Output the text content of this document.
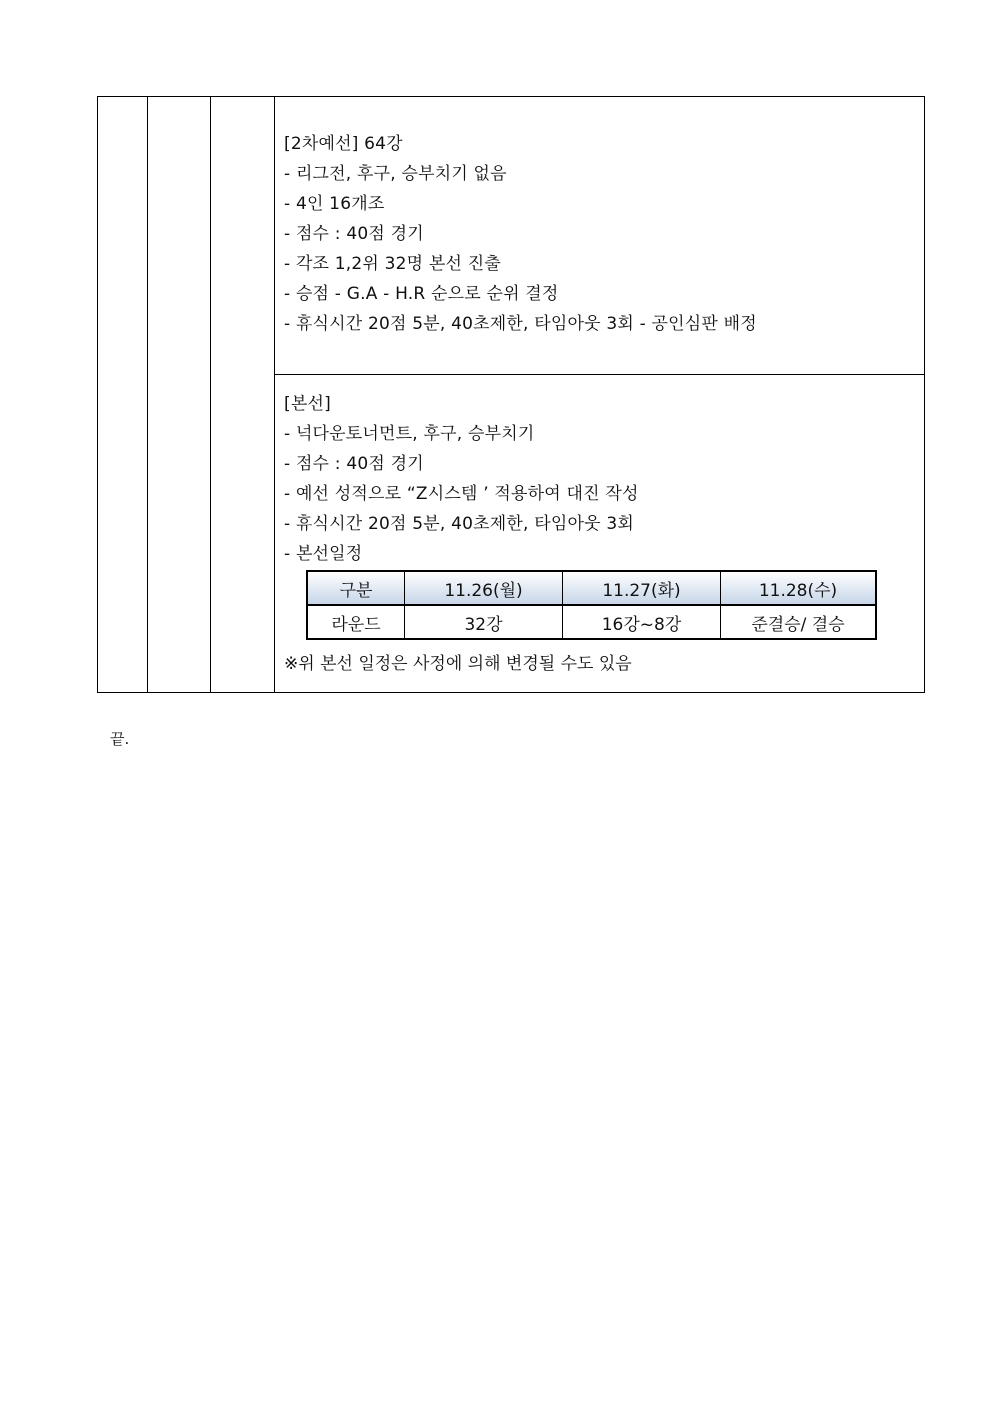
[2차예선] 64강
- 리그전, 후구, 승부치기 없음
- 4인 16개조
- 점수 : 40점 경기
- 각조 1,2위 32명 본선 진출
- 승점 - G.A - H.R 순으로 순위 결정
- 휴식시간 20점 5분, 40초제한, 타임아웃 3회 - 공인심판 배정
[본선]
- 넉다운토너먼트, 후구, 승부치기
- 점수 : 40점 경기
- 예선 성적으로 “Z시스템 ’ 적용하여 대진 작성
- 휴식시간 20점 5분, 40초제한, 타임아웃 3회
- 본선일정
구분	11.26(월)	11.27(화)	11.28(수)
라운드	32강	16강~8강	준결승/ 결승
※위 본선 일정은 사정에 의해 변경될 수도 있음
끝.
